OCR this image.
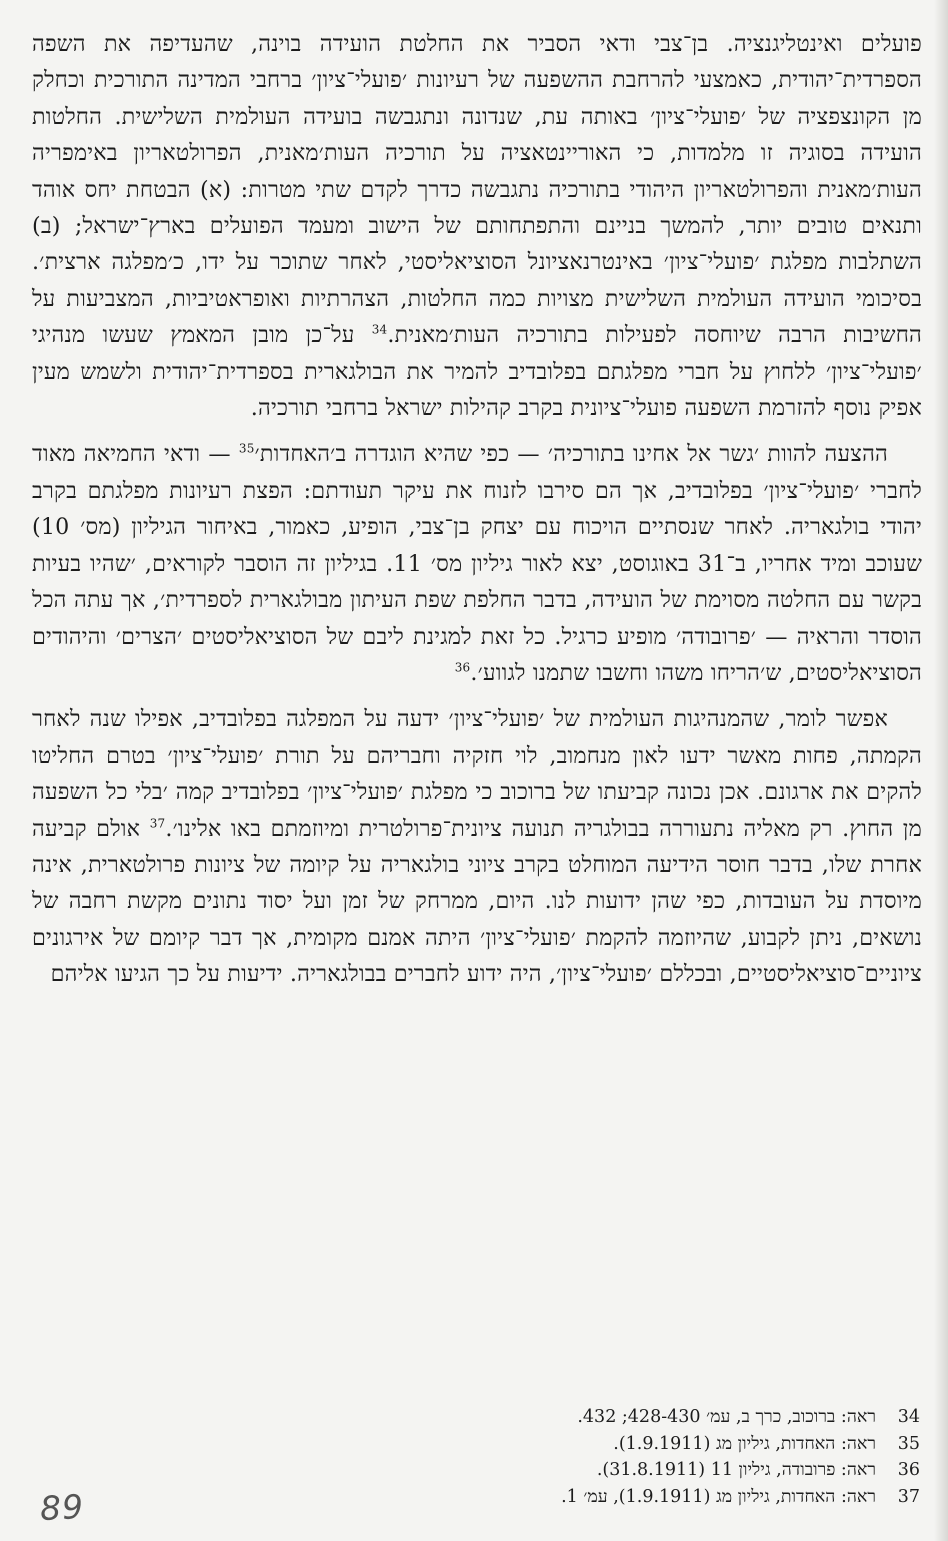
פועלים ואינטליגנציה. בן־צבי ודאי הסביר את החלטת הועידה בוינה, שהעדיפה את השפה הספרדית־יהודית, כאמצעי להרחבת ההשפעה של רעיונות ׳פועלי־ציון׳ ברחבי המדינה התורכית וכחלק מן הקונצפציה של ׳פועלי־ציון׳ באותה עת, שנדונה ונתגבשה בועידה העולמית השלישית. החלטות הועידה בסוגיה זו מלמדות, כי האוריינטאציה על תורכיה העות׳מאנית, הפרולטאריון באימפריה העות׳מאנית והפרולטאריון היהודי בתורכיה נתגבשה כדרך לקדם שתי מטרות: (א) הבטחת יחס אוהד ותנאים טובים יותר, להמשך בניינם והתפתחותם של הישוב ומעמד הפועלים בארץ־ישראל; (ב) השתלבות מפלגת ׳פועלי־ציון׳ באינטרנאציונל הסוציאליסטי, לאחר שתוכר על ידו, כ׳מפלגה ארצית׳. בסיכומי הועידה העולמית השלישית מצויות כמה החלטות, הצהרתיות ואופראטיביות, המצביעות על החשיבות הרבה שיוחסה לפעילות בתורכיה העות׳מאנית.$^{34}$ על־כן מובן המאמץ שעשו מנהיגי ׳פועלי־ציון׳ ללחוץ על חברי מפלגתם בפלובדיב להמיר את הבולגארית בספרדית־יהודית ולשמש מעין אפיק נוסף להזרמת השפעה פועלי־ציונית בקרב קהילות ישראל ברחבי תורכיה.

ההצעה להוות ׳גשר אל אחינו בתורכיה׳ — כפי שהיא הוגדרה ב׳האחדות׳$^{35}$ — ודאי החמיאה מאוד לחברי ׳פועלי־ציון׳ בפלובדיב, אך הם סירבו לזנוח את עיקר תעודתם: הפצת רעיונות מפלגתם בקרב יהודי בולגאריה. לאחר שנסתיים הויכוח עם יצחק בן־צבי, הופיע, כאמור, באיחור הגיליון (מס׳ 10) שעוכב ומיד אחריו, ב־31 באוגוסט, יצא לאור גיליון מס׳ 11. בגיליון זה הוסבר לקוראים, ׳שהיו בעיות בקשר עם החלטה מסוימת של הועידה, בדבר החלפת שפת העיתון מבולגארית לספרדית׳, אך עתה הכל הוסדר והראיה — ׳פרובודה׳ מופיע כרגיל. כל זאת למגינת ליבם של הסוציאליסטים ׳הצרים׳ והיהודים הסוציאליסטים, ש׳הריחו משהו וחשבו שתמנו לגווע׳.$^{36}$

אפשר לומר, שהמנהיגות העולמית של ׳פועלי־ציון׳ ידעה על המפלגה בפלובדיב, אפילו שנה לאחר הקמתה, פחות מאשר ידעו לאון מנחמוב, לוי חזקיה וחבריהם על תורת ׳פועלי־ציון׳ בטרם החליטו להקים את ארגונם. אכן נכונה קביעתו של ברוכוב כי מפלגת ׳פועלי־ציון׳ בפלובדיב קמה ׳בלי כל השפעה מן החוץ. רק מאליה נתעוררה בבולגריה תנועה ציונית־פרולטרית ומיוזמתם באו אלינו׳.$^{37}$ אולם קביעה אחרת שלו, בדבר חוסר הידיעה המוחלט בקרב ציוני בולגאריה על קיומה של ציונות פרולטארית, אינה מיוסדת על העובדות, כפי שהן ידועות לנו. היום, ממרחק של זמן ועל יסוד נתונים מקשת רחבה של נושאים, ניתן לקבוע, שהיוזמה להקמת ׳פועלי־ציון׳ היתה אמנם מקומית, אך דבר קיומם של אירגונים ציוניים־סוציאליסטיים, ובכללם ׳פועלי־ציון׳, היה ידוע לחברים בבולגאריה. ידיעות על כך הגיעו אליהם

34
ראה: ברוכוב, כרך ב, עמ׳ 428-430; 432.
35
ראה: האחדות, גיליון מג (1.9.1911).
36
ראה: פרובודה, גיליון 11 (31.8.1911).
37
ראה: האחדות, גיליון מג (1.9.1911), עמ׳ 1.
89
